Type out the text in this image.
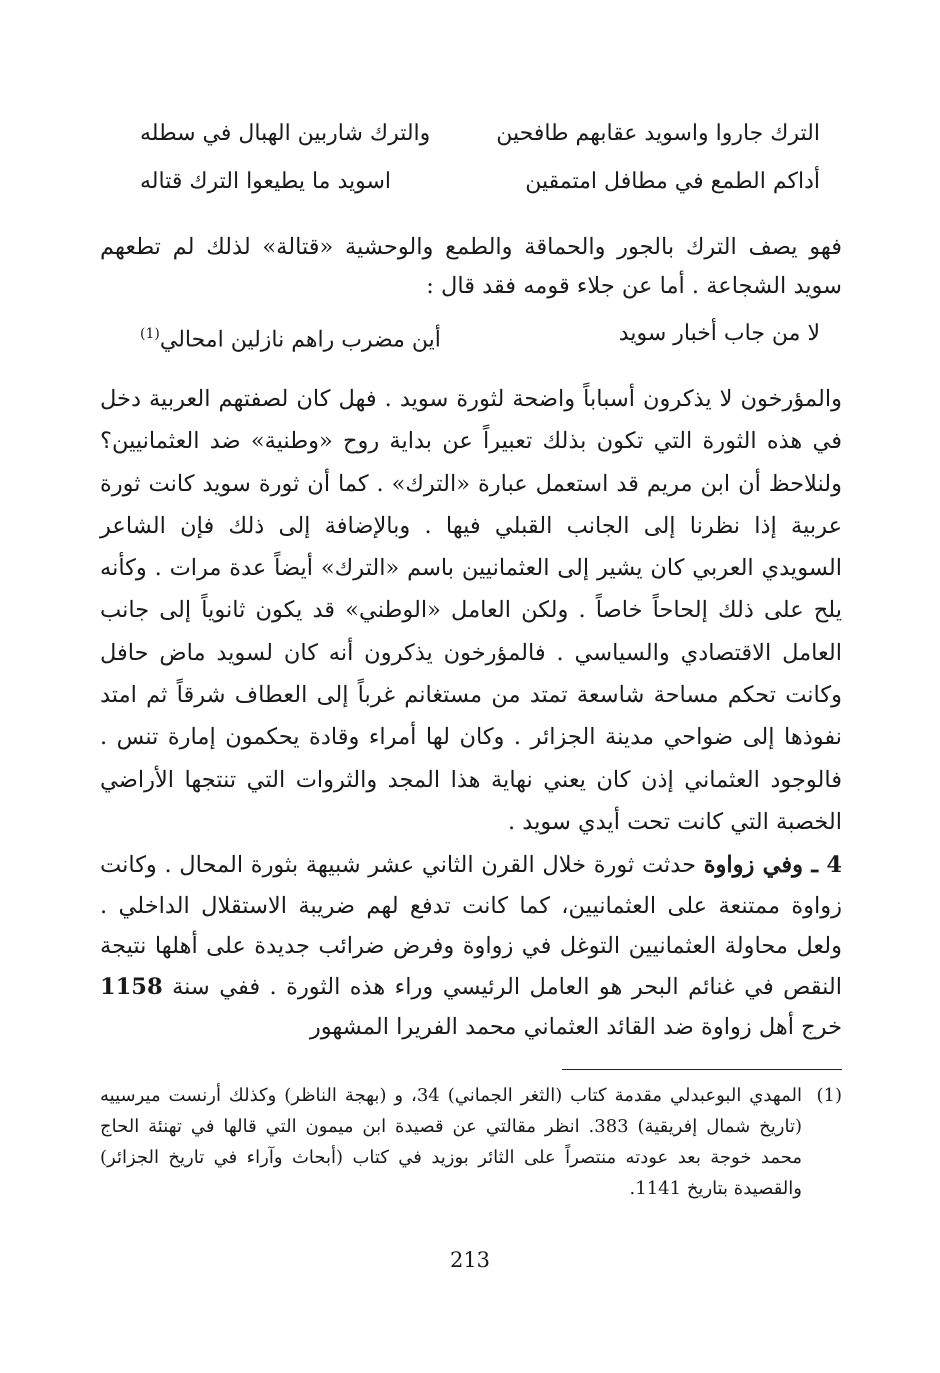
الترك جاروا واسويد عقابهم طافحين
والترك شاربين الهبال في سطله
أداكم الطمع في مطافل امتمقين
اسويد ما يطيعوا الترك قتاله

فهو يصف الترك بالجور والحماقة والطمع والوحشية «قتالة» لذلك لم تطعهم سويد الشجاعة . أما عن جلاء قومه فقد قال :

لا من جاب أخبار سويد
أين مضرب راهم نازلين امحالي$^{(1)}$

والمؤرخون لا يذكرون أسباباً واضحة لثورة سويد . فهل كان لصفتهم العربية دخل في هذه الثورة التي تكون بذلك تعبيراً عن بداية روح «وطنية» ضد العثمانيين؟ ولنلاحظ أن ابن مريم قد استعمل عبارة «الترك» . كما أن ثورة سويد كانت ثورة عربية إذا نظرنا إلى الجانب القبلي فيها . وبالإضافة إلى ذلك فإن الشاعر السويدي العربي كان يشير إلى العثمانيين باسم «الترك» أيضاً عدة مرات . وكأنه يلح على ذلك إلحاحاً خاصاً . ولكن العامل «الوطني» قد يكون ثانوياً إلى جانب العامل الاقتصادي والسياسي . فالمؤرخون يذكرون أنه كان لسويد ماض حافل وكانت تحكم مساحة شاسعة تمتد من مستغانم غرباً إلى العطاف شرقاً ثم امتد نفوذها إلى ضواحي مدينة الجزائر . وكان لها أمراء وقادة يحكمون إمارة تنس . فالوجود العثماني إذن كان يعني نهاية هذا المجد والثروات التي تنتجها الأراضي الخصبة التي كانت تحت أيدي سويد .

4 ـ وفي زواوة حدثت ثورة خلال القرن الثاني عشر شبيهة بثورة المحال . وكانت زواوة ممتنعة على العثمانيين، كما كانت تدفع لهم ضريبة الاستقلال الداخلي . ولعل محاولة العثمانيين التوغل في زواوة وفرض ضرائب جديدة على أهلها نتيجة النقص في غنائم البحر هو العامل الرئيسي وراء هذه الثورة . ففي سنة 1158 خرج أهل زواوة ضد القائد العثماني محمد الفريرا المشهور

(1)
المهدي البوعبدلي مقدمة كتاب (الثغر الجماني) 34، و (بهجة الناظر) وكذلك أرنست ميرسييه (تاريخ شمال إفريقية) 383. انظر مقالتي عن قصيدة ابن ميمون التي قالها في تهنئة الحاج محمد خوجة بعد عودته منتصراً على الثائر بوزيد في كتاب (أبحاث وآراء في تاريخ الجزائر) والقصيدة بتاريخ 1141.
213
